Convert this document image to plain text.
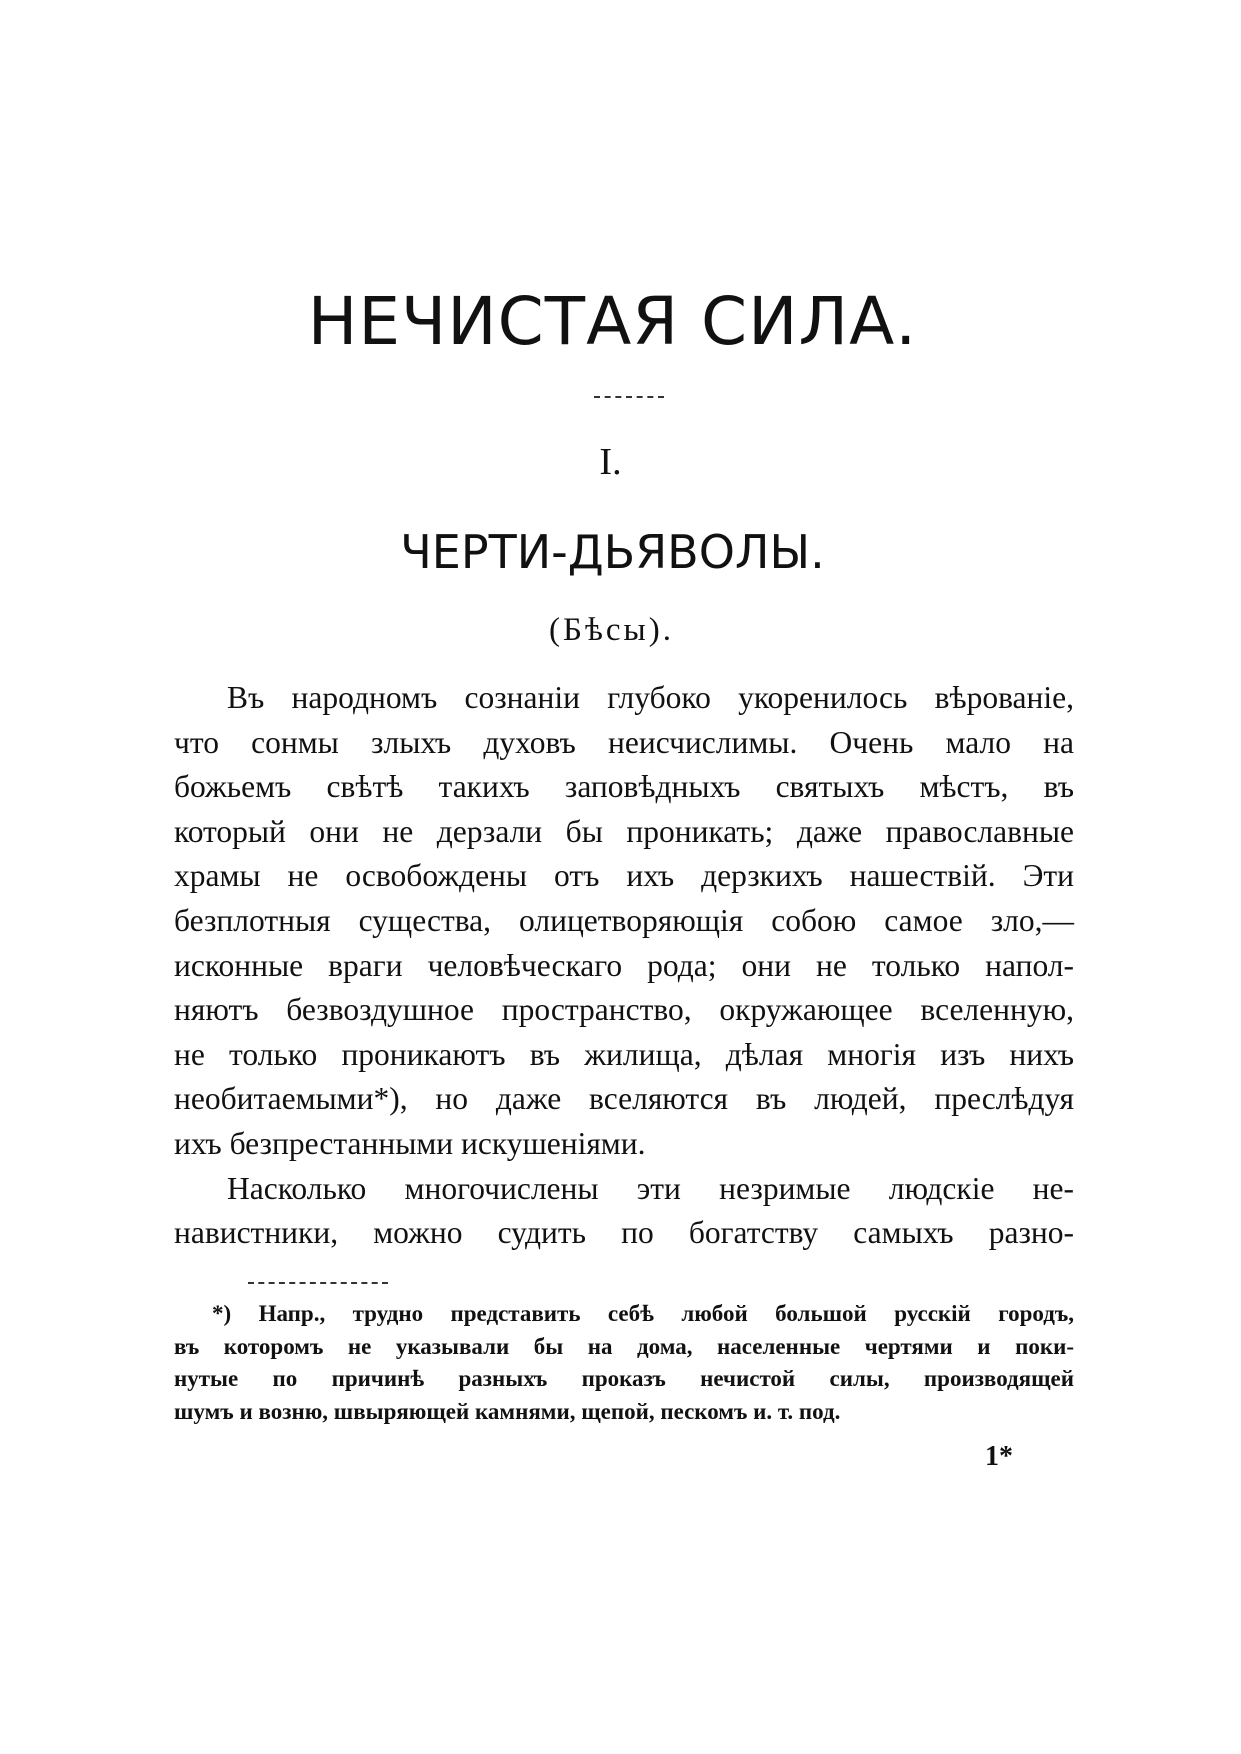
НЕЧИСТАЯ СИЛА.
I.
ЧЕРТИ-ДЬЯВОЛЫ.
(Бѣсы).

Въ народномъ сознаніи глубоко укоренилось вѣрованіе,
что сонмы злыхъ духовъ неисчислимы. Очень мало на
божьемъ свѣтѣ такихъ заповѣдныхъ святыхъ мѣстъ, въ
который они не дерзали бы проникать; даже православные
храмы не освобождены отъ ихъ дерзкихъ нашествій. Эти
безплотныя существа, олицетворяющія собою самое зло,—
исконные враги человѣческаго рода; они не только напол-
няютъ безвоздушное пространство, окружающее вселенную,
не только проникаютъ въ жилища, дѣлая многія изъ нихъ
необитаемыми*), но даже вселяются въ людей, преслѣдуя
ихъ безпрестанными искушеніями.

Насколько многочислены эти незримые людскіе не-
навистники, можно судить по богатству самыхъ разно-

*) Напр., трудно представить себѣ любой большой русскій городъ,
въ которомъ не указывали бы на дома, населенные чертями и поки-
нутые по причинѣ разныхъ проказъ нечистой силы, производящей
шумъ и возню, швыряющей камнями, щепой, пескомъ и. т. под.
1*
